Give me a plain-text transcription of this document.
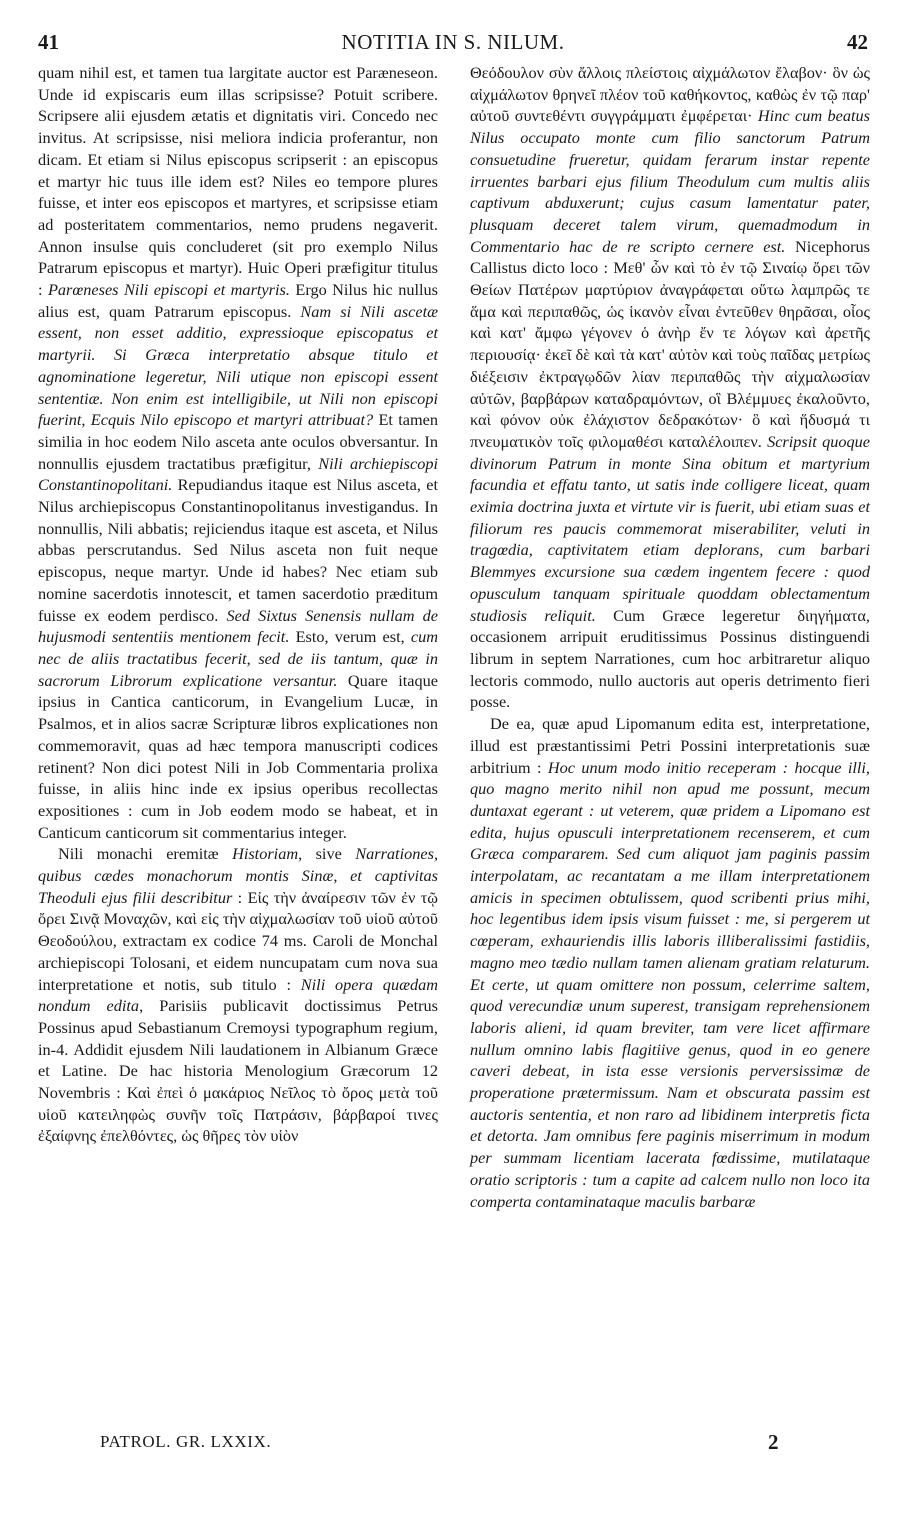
41	NOTITIA IN S. NILUM.	42

quam nihil est, et tamen tua largitate auctor est Paræneseon. Unde id expiscaris eum illas scripsisse? Potuit scribere. Scripsere alii ejusdem ætatis et dignitatis viri. Concedo nec invitus. At scripsisse, nisi meliora indicia proferantur, non dicam. Et etiam si Nilus episcopus scripserit : an episcopus et martyr hic tuus ille idem est? Niles eo tempore plures fuisse, et inter eos episcopos et martyres, et scripsisse etiam ad posteritatem commentarios, nemo prudens negaverit. Annon insulse quis concluderet (sit pro exemplo Nilus Patrarum episcopus et martyr). Huic Operi præfigitur titulus : Parœneses Nili episcopi et martyris. Ergo Nilus hic nullus alius est, quam Patrarum episcopus. Nam si Nili ascetæ essent, non esset additio, expressioque episcopatus et martyrii. Si Græca interpretatio absque titulo et agnominatione legeretur, Nili utique non episcopi essent sententiæ. Non enim est intelligibile, ut Nili non episcopi fuerint, Ecquis Nilo episcopo et martyri attribuat? Et tamen similia in hoc eodem Nilo asceta ante oculos obversantur. In nonnullis ejusdem tractatibus præfigitur, Nili archiepiscopi Constantinopolitani. Repudiandus itaque est Nilus asceta, et Nilus archiepiscopus Constantinopolitanus investigandus. In nonnullis, Nili abbatis; rejiciendus itaque est asceta, et Nilus abbas perscrutandus. Sed Nilus asceta non fuit neque episcopus, neque martyr. Unde id habes? Nec etiam sub nomine sacerdotis innotescit, et tamen sacerdotio præditum fuisse ex eodem perdisco. Sed Sixtus Senensis nullam de hujusmodi sententiis mentionem fecit. Esto, verum est, cum nec de aliis tractatibus fecerit, sed de iis tantum, quæ in sacrorum Librorum explicatione versantur. Quare itaque ipsius in Cantica canticorum, in Evangelium Lucæ, in Psalmos, et in alios sacræ Scripturæ libros explicationes non commemoravit, quas ad hæc tempora manuscripti codices retinent? Non dici potest Nili in Job Commentaria prolixa fuisse, in aliis hinc inde ex ipsius operibus recollectas expositiones : cum in Job eodem modo se habeat, et in Canticum canticorum sit commentarius integer.

Nili monachi eremitæ Historiam, sive Narrationes, quibus cædes monachorum montis Sinæ, et captivitas Theoduli ejus filii describitur : Εἰς τὴν ἀναίρεσιν τῶν ἐν τῷ ὄρει Σινᾷ Μοναχῶν, καὶ εἰς τὴν αἰχμαλωσίαν τοῦ υἱοῦ αὐτοῦ Θεοδούλου, extractam ex codice 74 ms. Caroli de Monchal archiepiscopi Tolosani, et eidem nuncupatam cum nova sua interpretatione et notis, sub titulo : Nili opera quædam nondum edita, Parisiis publicavit doctissimus Petrus Possinus apud Sebastianum Cremoysi typographum regium, in-4. Addidit ejusdem Nili laudationem in Albianum Græce et Latine. De hac historia Menologium Græcorum 12 Novembris : Καὶ ἐπεὶ ὁ μακάριος Νεῖλος τὸ ὄρος μετὰ τοῦ υἱοῦ κατειληφὼς συνῆν τοῖς Πατράσιν, βάρβαροί τινες ἐξαίφνης ἐπελθόντες, ὡς θῆρες τὸν υἱὸν

Θεόδουλον σὺν ἄλλοις πλείστοις αἰχμάλωτον ἔλαβον· ὃν ὡς αἰχμάλωτον θρηνεῖ πλέον τοῦ καθήκοντος, καθὼς ἐν τῷ παρ' αὐτοῦ συντεθέντι συγγράμματι ἐμφέρεται· Hinc cum beatus Nilus occupato monte cum filio sanctorum Patrum consuetudine frueretur, quidam ferarum instar repente irruentes barbari ejus filium Theodulum cum multis aliis captivum abduxerunt; cujus casum lamentatur pater, plusquam deceret talem virum, quemadmodum in Commentario hac de re scripto cernere est. Nicephorus Callistus dicto loco : Μεθ' ὧν καὶ τὸ ἐν τῷ Σιναίῳ ὄρει τῶν Θείων Πατέρων μαρτύριον ἀναγράφεται οὕτω λαμπρῶς τε ἅμα καὶ περιπαθῶς, ὡς ἱκανὸν εἶναι ἐντεῦθεν θηρᾶσαι, οἷος καὶ κατ' ἄμφω γέγονεν ὁ ἀνὴρ ἔν τε λόγων καὶ ἀρετῆς περιουσίᾳ· ἐκεῖ δὲ καὶ τὰ κατ' αὐτὸν καὶ τοὺς παῖδας μετρίως διέξεισιν ἐκτραγῳδῶν λίαν περιπαθῶς τὴν αἰχμαλωσίαν αὐτῶν, βαρβάρων καταδραμόντων, οἳ Βλέμμυες ἐκαλοῦντο, καὶ φόνον οὐκ ἐλάχιστον δεδρακότων· ὃ καὶ ἥδυσμά τι πνευματικὸν τοῖς φιλομαθέσι καταλέλοιπεν. Scripsit quoque divinorum Patrum in monte Sina obitum et martyrium facundia et effatu tanto, ut satis inde colligere liceat, quam eximia doctrina juxta et virtute vir is fuerit, ubi etiam suas et filiorum res paucis commemorat miserabiliter, veluti in tragœdia, captivitatem etiam deplorans, cum barbari Blemmyes excursione sua cædem ingentem fecere : quod opusculum tanquam spirituale quoddam oblectamentum studiosis reliquit. Cum Græce legeretur διηγήματα, occasionem arripuit eruditissimus Possinus distinguendi librum in septem Narrationes, cum hoc arbitraretur aliquo lectoris commodo, nullo auctoris aut operis detrimento fieri posse.

De ea, quæ apud Lipomanum edita est, interpretatione, illud est præstantissimi Petri Possini interpretationis suæ arbitrium : Hoc unum modo initio receperam : hocque illi, quo magno merito nihil non apud me possunt, mecum duntaxat egerant : ut veterem, quæ pridem a Lipomano est edita, hujus opusculi interpretationem recenserem, et cum Græca compararem. Sed cum aliquot jam paginis passim interpolatam, ac recantatam a me illam interpretationem amicis in specimen obtulissem, quod scribenti prius mihi, hoc legentibus idem ipsis visum fuisset : me, si pergerem ut cœperam, exhauriendis illis laboris illiberalissimi fastidiis, magno meo tædio nullam tamen alienam gratiam relaturum. Et certe, ut quam omittere non possum, celerrime saltem, quod verecundiæ unum superest, transigam reprehensionem laboris alieni, id quam breviter, tam vere licet affirmare nullum omnino labis flagitiive genus, quod in eo genere caveri debeat, in ista esse versionis perversissimæ de properatione prætermissum. Nam et obscurata passim est auctoris sententia, et non raro ad libidinem interpretis ficta et detorta. Jam omnibus fere paginis miserrimum in modum per summam licentiam lacerata fœdissime, mutilataque oratio scriptoris : tum a capite ad calcem nullo non loco ita comperta contaminataque maculis barbaræ

PATROL. GR. LXXIX.	2
